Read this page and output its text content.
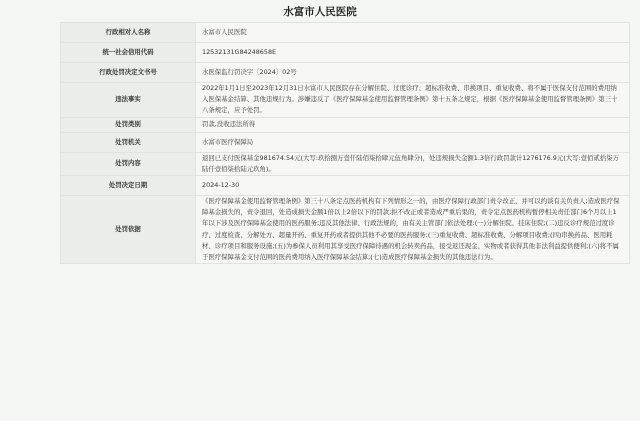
水富市人民医院
行政相对人名称	水富市人民医院
统一社会信用代码	12532131G84248658E
行政处罚决定文书号	水医保监行罚决字〔2024〕02号
违法事实	2022年1月1日至2023年12月31日水富市人民医院存在分解住院、过度诊疗、超标准收费、串换项目、重复收费、将不属于医保支付范围的费用纳入医保基金结算、其他违规行为。涉嫌违反了《医疗保障基金使用监督管理条例》第十五条之规定，根据《医疗保障基金使用监督管理条例》第三十八条规定，应予处罚。
处罚类别	罚款,没收违法所得
处罚机关	水富市医疗保障局
处罚内容	退回已支付医保基金981674.54元(大写:玖拾捌万壹仟陆佰柒拾肆元伍角肆分)，处违规损失金额1.3倍行政罚款计1276176.9元(大写:壹佰贰拾柒万陆仟壹佰柒拾陆元玖角)。
处罚决定日期	2024-12-30
处罚依据	《医疗保障基金使用监督管理条例》第三十八条定点医药机构有下列情形之一的，由医疗保障行政部门责令改正，并可以约谈有关负责人;造成医疗保障基金损失的，责令退回，处造成损失金额1倍以上2倍以下的罚款;拒不改正或者造成严重后果的，责令定点医药机构暂停相关责任部门6个月以上1年以下涉及医疗保障基金使用的医药服务;违反其他法律、行政法规的，由有关主管部门依法处理:(一)分解住院、挂床住院;(二)违反诊疗规范过度诊疗、过度检查、分解处方、超量开药、重复开药或者提供其他不必要的医药服务;(三)重复收费、超标准收费、分解项目收费;(四)串换药品、医用耗材、诊疗项目和服务设施;(五)为参保人员利用其享受医疗保障待遇的机会转卖药品，接受返还现金、实物或者获得其他非法利益提供便利;(六)将不属于医疗保障基金支付范围的医药费用纳入医疗保障基金结算;(七)造成医疗保障基金损失的其他违法行为。
